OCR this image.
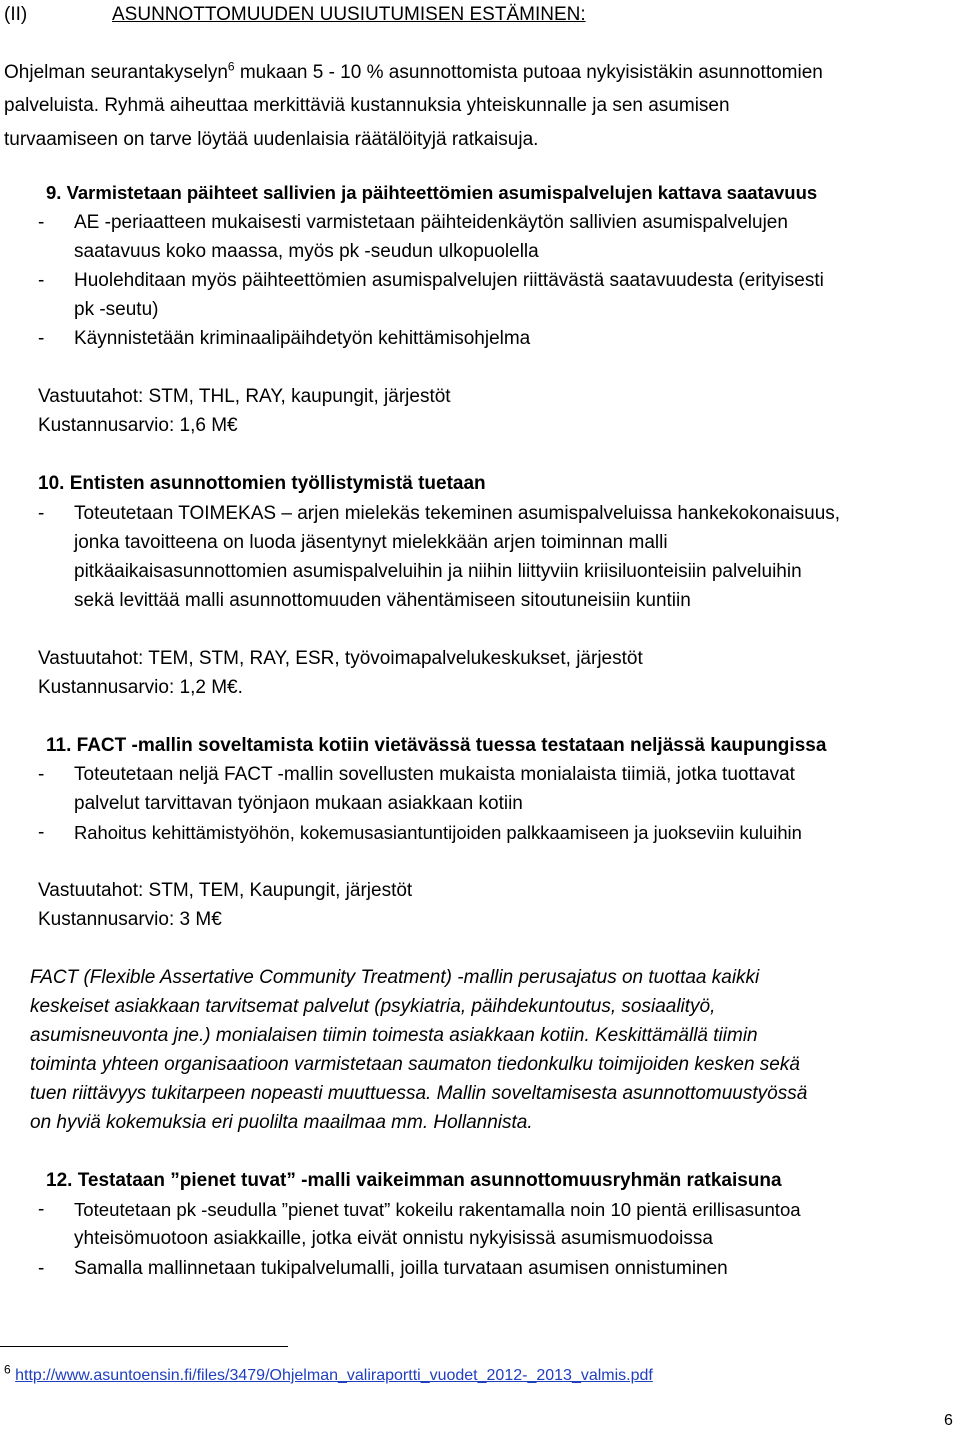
(II)	ASUNNOTTOMUUDEN UUSIUTUMISEN ESTÄMINEN:
Ohjelman seurantakyselyn$^6$ mukaan 5 - 10 % asunnottomista putoaa nykyisistäkin asunnottomien
palveluista. Ryhmä aiheuttaa merkittäviä kustannuksia yhteiskunnalle ja sen asumisen
turvaamiseen on tarve löytää uudenlaisia räätälöityjä ratkaisuja.
9. Varmistetaan päihteet sallivien ja päihteettömien asumispalvelujen kattava saatavuus
- AE -periaatteen mukaisesti varmistetaan päihteidenkäytön sallivien asumispalvelujen
saatavuus koko maassa, myös pk -seudun ulkopuolella
- Huolehditaan myös päihteettömien asumispalvelujen riittävästä saatavuudesta (erityisesti
pk -seutu)
- Käynnistetään kriminaalipäihdetyön kehittämisohjelma
Vastuutahot: STM, THL, RAY, kaupungit, järjestöt
Kustannusarvio: 1,6 M€
10. Entisten asunnottomien työllistymistä tuetaan
- Toteutetaan TOIMEKAS – arjen mielekäs tekeminen asumispalveluissa hankekokonaisuus,
jonka tavoitteena on luoda jäsentynyt mielekkään arjen toiminnan malli
pitkäaikaisasunnottomien asumispalveluihin ja niihin liittyviin kriisiluonteisiin palveluihin
sekä levittää malli asunnottomuuden vähentämiseen sitoutuneisiin kuntiin
Vastuutahot: TEM, STM, RAY, ESR, työvoimapalvelukeskukset, järjestöt
Kustannusarvio: 1,2 M€.
11. FACT -mallin soveltamista kotiin vietävässä tuessa testataan neljässä kaupungissa
- Toteutetaan neljä FACT -mallin sovellusten mukaista monialaista tiimiä, jotka tuottavat
palvelut tarvittavan työnjaon mukaan asiakkaan kotiin
- Rahoitus kehittämistyöhön, kokemusasiantuntijoiden palkkaamiseen ja juokseviin kuluihin
Vastuutahot: STM, TEM, Kaupungit, järjestöt
Kustannusarvio: 3 M€
FACT (Flexible Assertative Community Treatment) -mallin perusajatus on tuottaa kaikki
keskeiset asiakkaan tarvitsemat palvelut (psykiatria, päihdekuntoutus, sosiaalityö,
asumisneuvonta jne.) monialaisen tiimin toimesta asiakkaan kotiin. Keskittämällä tiimin
toiminta yhteen organisaatioon varmistetaan saumaton tiedonkulku toimijoiden kesken sekä
tuen riittävyys tukitarpeen nopeasti muuttuessa. Mallin soveltamisesta asunnottomuustyössä
on hyviä kokemuksia eri puolilta maailmaa mm. Hollannista.
12. Testataan ”pienet tuvat” -malli vaikeimman asunnottomuusryhmän ratkaisuna
- Toteutetaan pk -seudulla ”pienet tuvat” kokeilu rakentamalla noin 10 pientä erillisasuntoa
yhteisömuotoon asiakkaille, jotka eivät onnistu nykyisissä asumismuodoissa
- Samalla mallinnetaan tukipalvelumalli, joilla turvataan asumisen onnistuminen
$^6$ http://www.asuntoensin.fi/files/3479/Ohjelman_valiraportti_vuodet_2012-_2013_valmis.pdf
6
